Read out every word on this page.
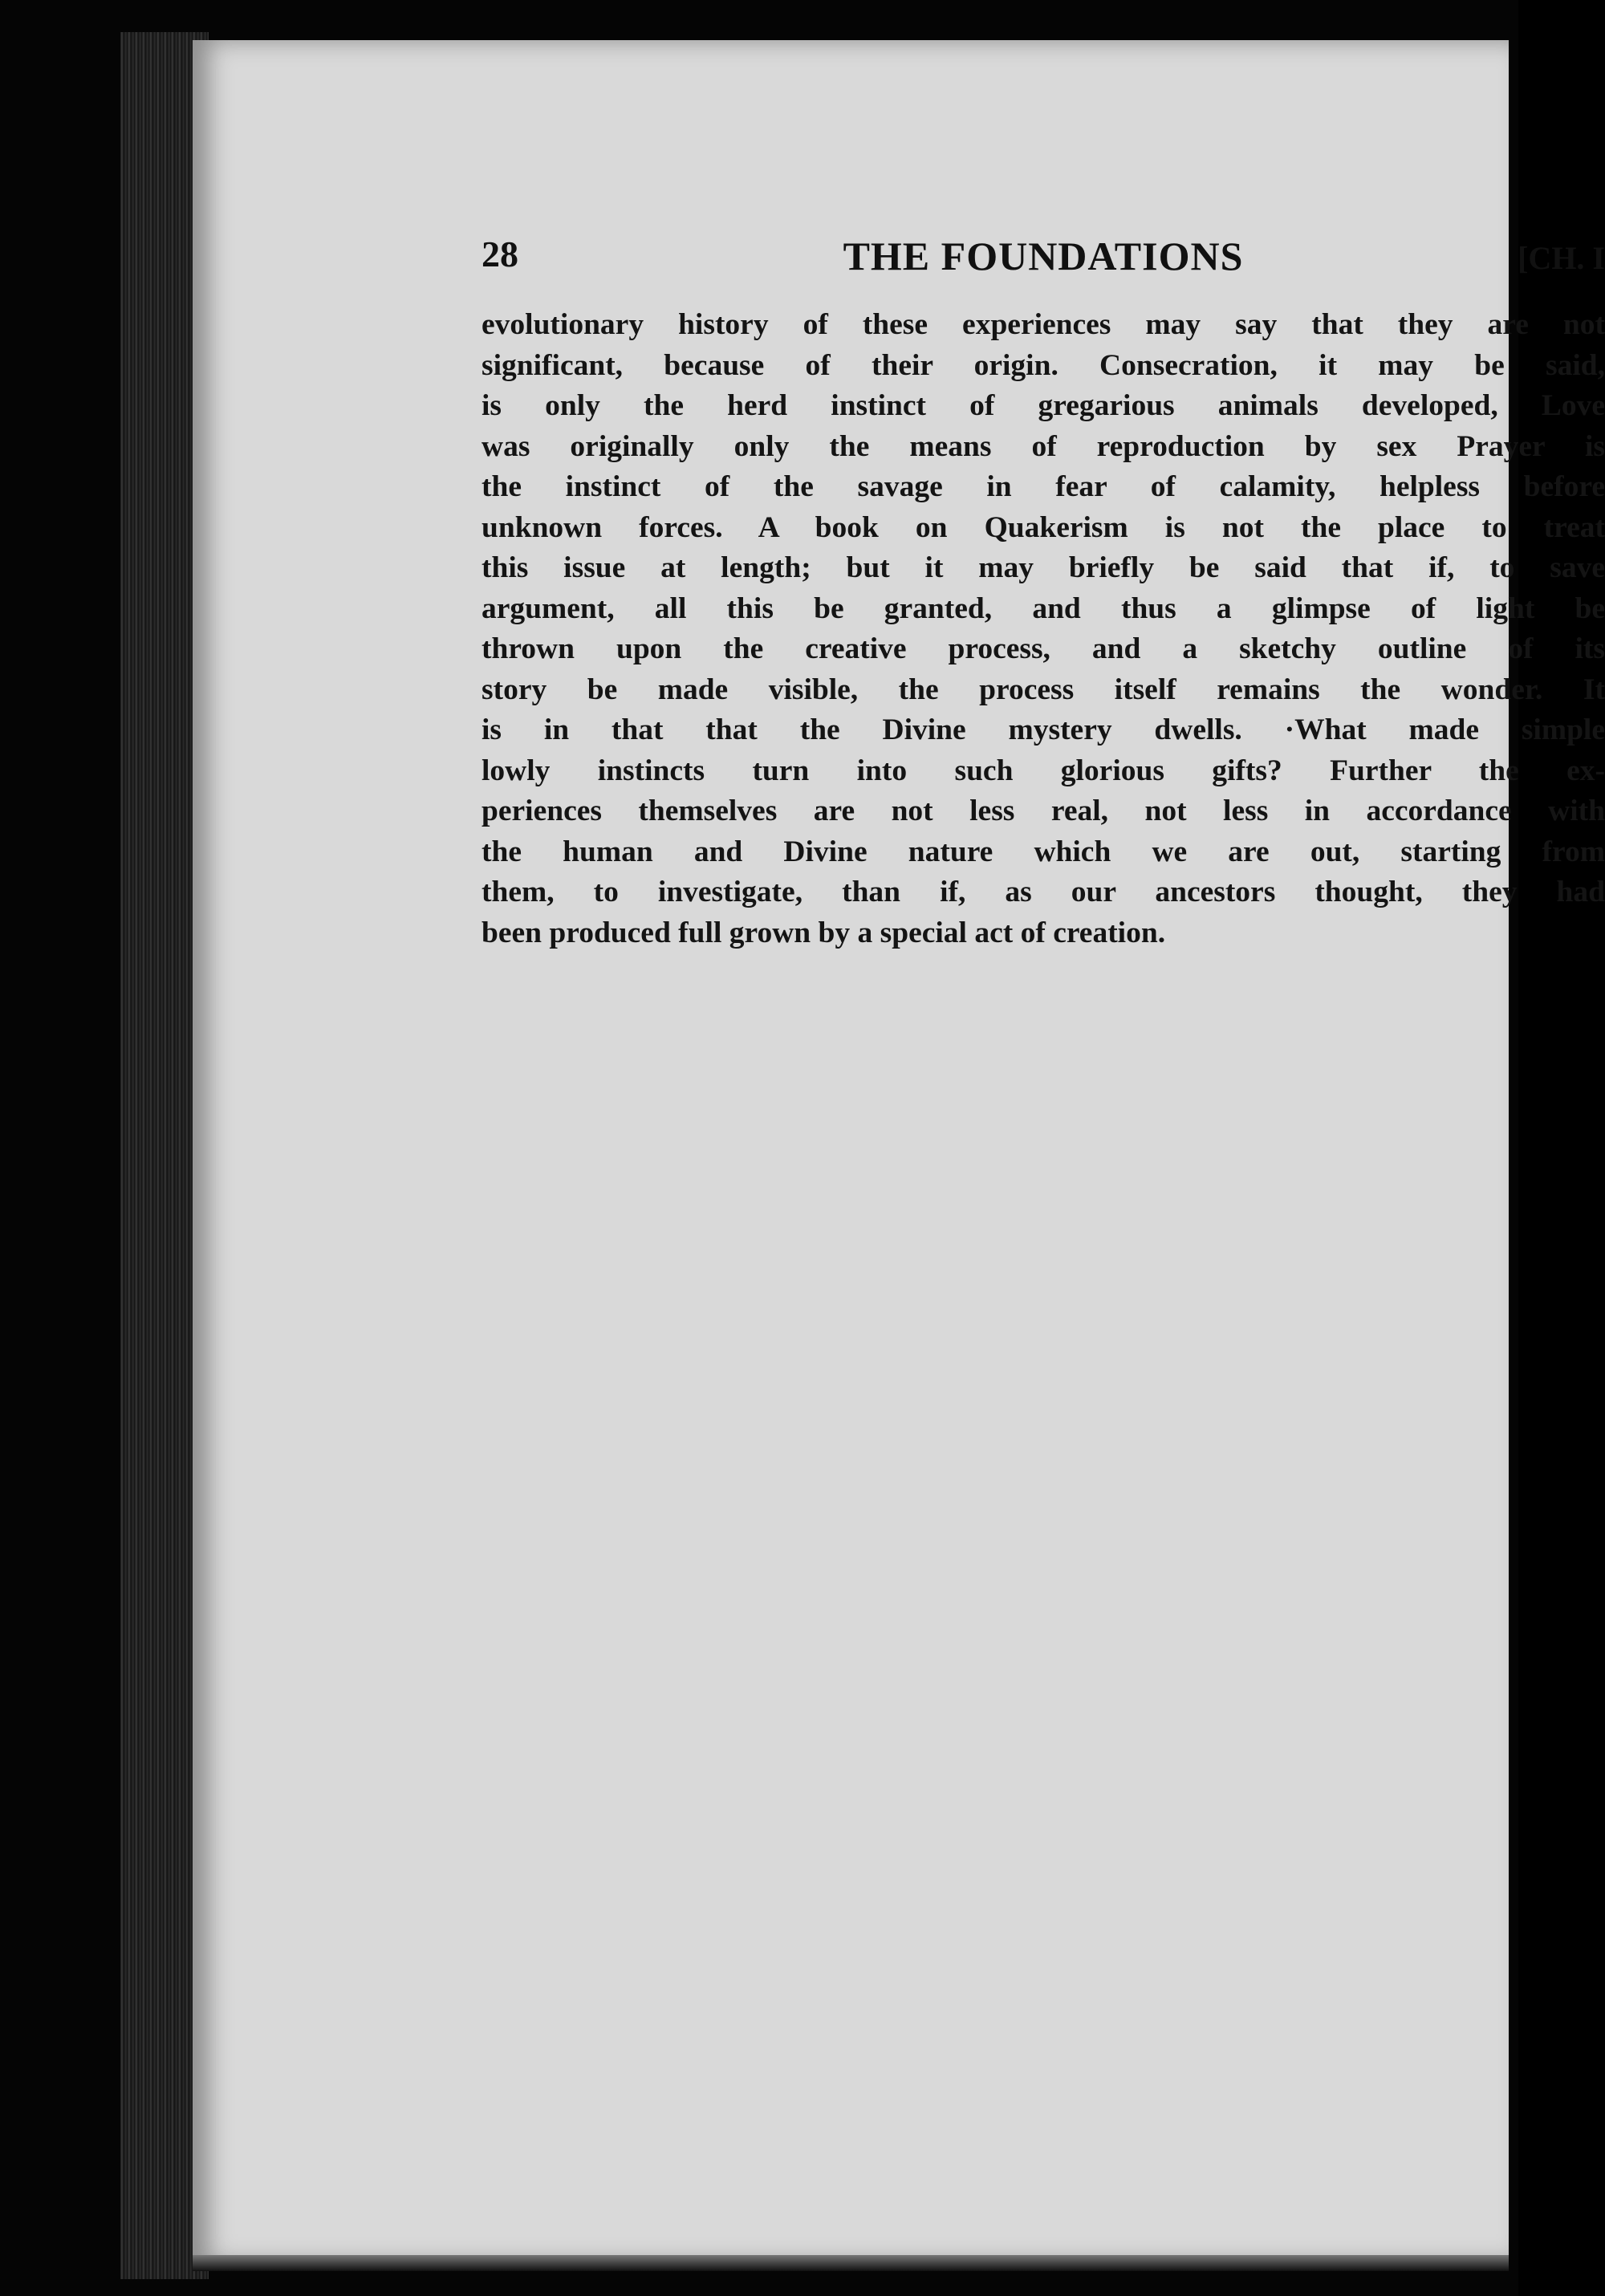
28	THE FOUNDATIONS	[CH. I
evolutionary history of these experiences may say that they are not
significant, because of their origin. Consecration, it may be said,
is only the herd instinct of gregarious animals developed, Love
was originally only the means of reproduction by sex Prayer is
the instinct of the savage in fear of calamity, helpless before
unknown forces. A book on Quakerism is not the place to treat
this issue at length; but it may briefly be said that if, to save
argument, all this be granted, and thus a glimpse of light be
thrown upon the creative process, and a sketchy outline of its
story be made visible, the process itself remains the wonder. It
is in that that the Divine mystery dwells. ·What made simple
lowly instincts turn into such glorious gifts? Further the ex-
periences themselves are not less real, not less in accordance with
the human and Divine nature which we are out, starting from
them, to investigate, than if, as our ancestors thought, they had
been produced full grown by a special act of creation.
